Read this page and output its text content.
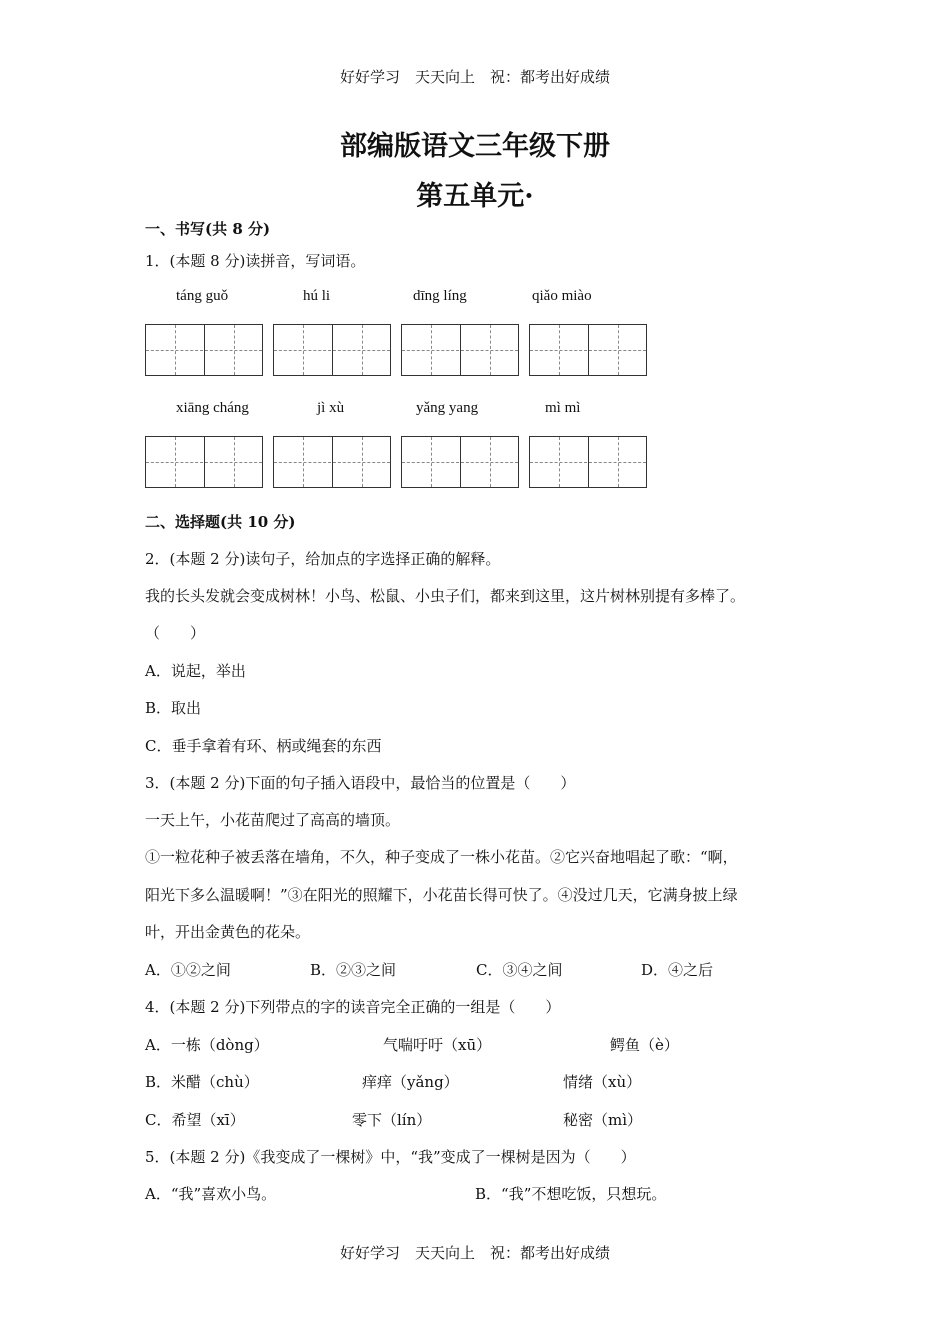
好好学习　天天向上　祝：都考出好成绩
部编版语文三年级下册
第五单元·
一、书写(共 8 分)
1．(本题 8 分)读拼音，写词语。
táng guǒ	hú li	dīng líng	qiǎo miào
xiāng cháng	jì xù	yǎng yang	mì mì
二、选择题(共 10 分)
2．(本题 2 分)读句子，给加点的字选择正确的解释。
我的长头发就会变成树林！小鸟、松鼠、小虫子们，都来到这里，这片树林别提有多棒了。
（　　）
A．说起，举出
B．取出
C．垂手拿着有环、柄或绳套的东西
3．(本题 2 分)下面的句子插入语段中，最恰当的位置是（　　）
一天上午，小花苗爬过了高高的墙顶。
①一粒花种子被丢落在墙角，不久，种子变成了一株小花苗。②它兴奋地唱起了歌：“啊，
阳光下多么温暖啊！”③在阳光的照耀下，小花苗长得可快了。④没过几天，它满身披上绿
叶，开出金黄色的花朵。
A．①②之间	B．②③之间	C．③④之间	D．④之后
4．(本题 2 分)下列带点的字的读音完全正确的一组是（　　）
A．一栋（dòng）	气喘吁吁（xū）	鳄鱼（è）
B．米醋（chù）	痒痒（yǎng）	情绪（xù）
C．希望（xī）	零下（lín）	秘密（mì）
5．(本题 2 分)《我变成了一棵树》中，“我”变成了一棵树是因为（　　）
A．“我”喜欢小鸟。	B．“我”不想吃饭，只想玩。
好好学习　天天向上　祝：都考出好成绩
